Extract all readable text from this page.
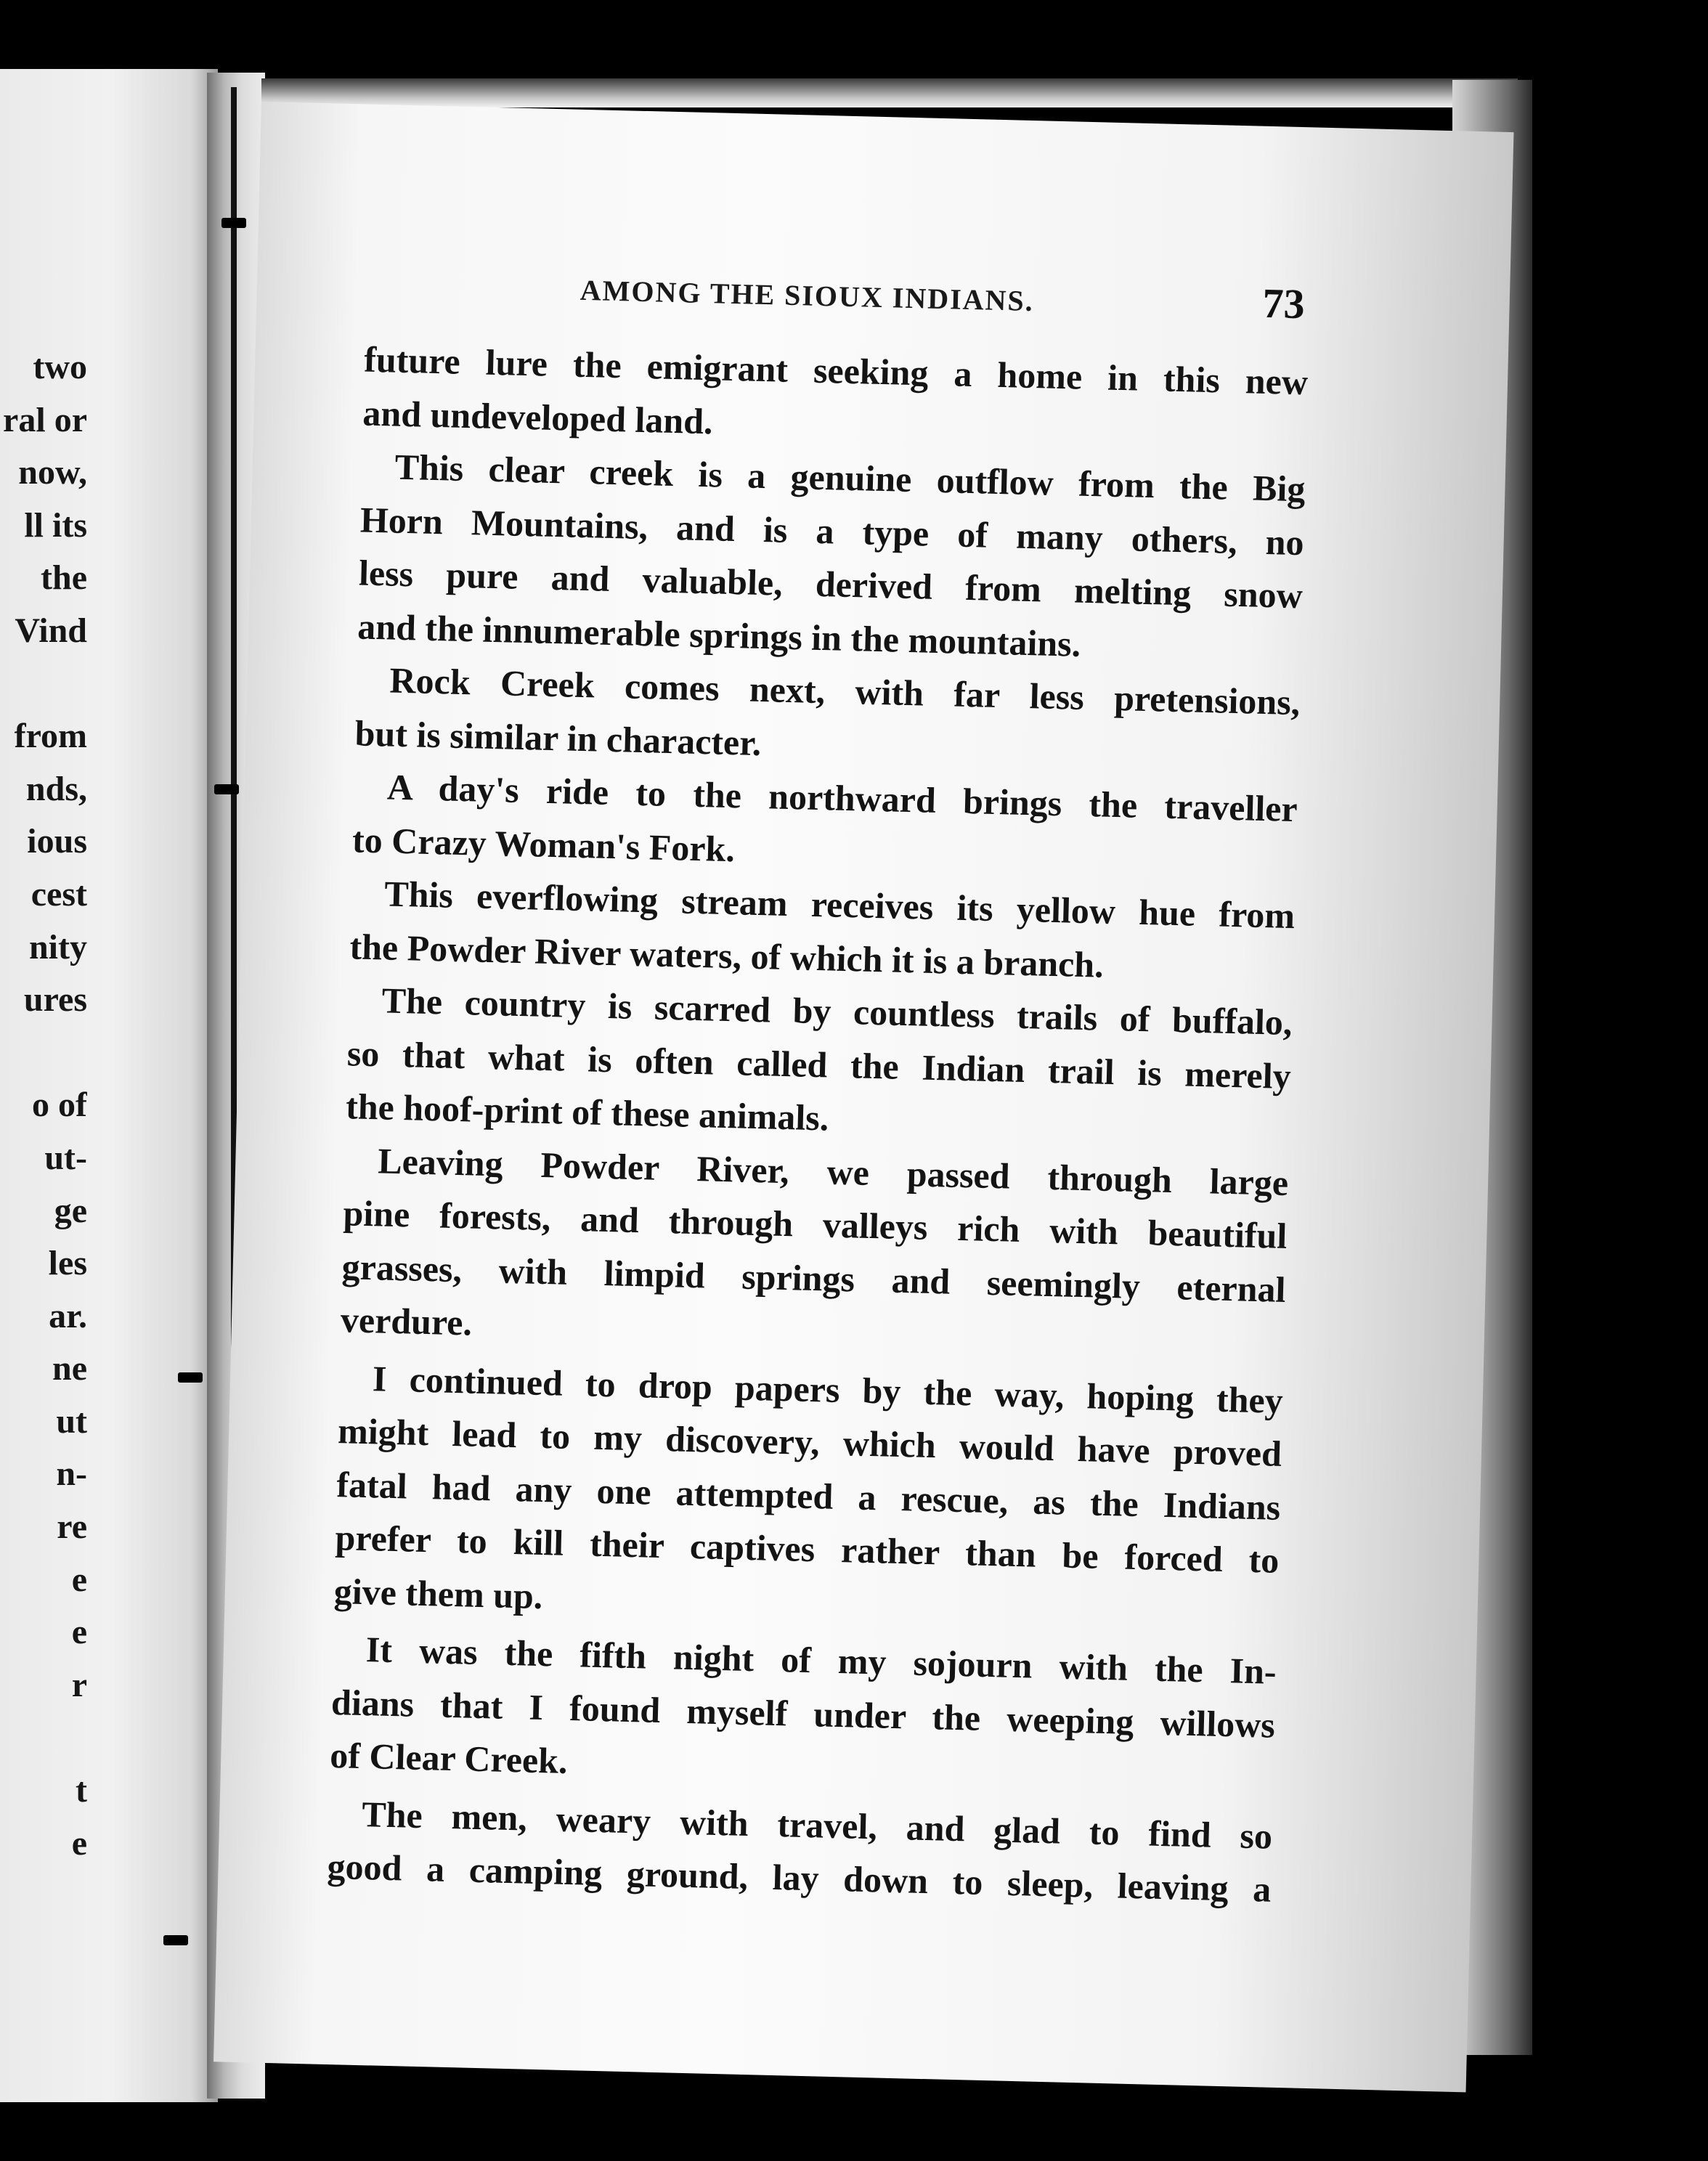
two
ral or
now,
ll its
the
Vind
from
nds,
ious
cest
nity
ures
o of
ut-
ge
les
ar.
ne
ut
n-
re
e
e
r
t
e
AMONG THE SIOUX INDIANS.	73
future lure the emigrant seeking a home in this new
and undeveloped land.
This clear creek is a genuine outflow from the Big
Horn Mountains, and is a type of many others, no
less pure and valuable, derived from melting snow
and the innumerable springs in the mountains.
Rock Creek comes next, with far less pretensions,
but is similar in character.
A day's ride to the northward brings the traveller
to Crazy Woman's Fork.
This everflowing stream receives its yellow hue from
the Powder River waters, of which it is a branch.
The country is scarred by countless trails of buffalo,
so that what is often called the Indian trail is merely
the hoof-print of these animals.
Leaving Powder River, we passed through large
pine forests, and through valleys rich with beautiful
grasses, with limpid springs and seemingly eternal
verdure.
I continued to drop papers by the way, hoping they
might lead to my discovery, which would have proved
fatal had any one attempted a rescue, as the Indians
prefer to kill their captives rather than be forced to
give them up.
It was the fifth night of my sojourn with the In-
dians that I found myself under the weeping willows
of Clear Creek.
The men, weary with travel, and glad to find so
good a camping ground, lay down to sleep, leaving a
